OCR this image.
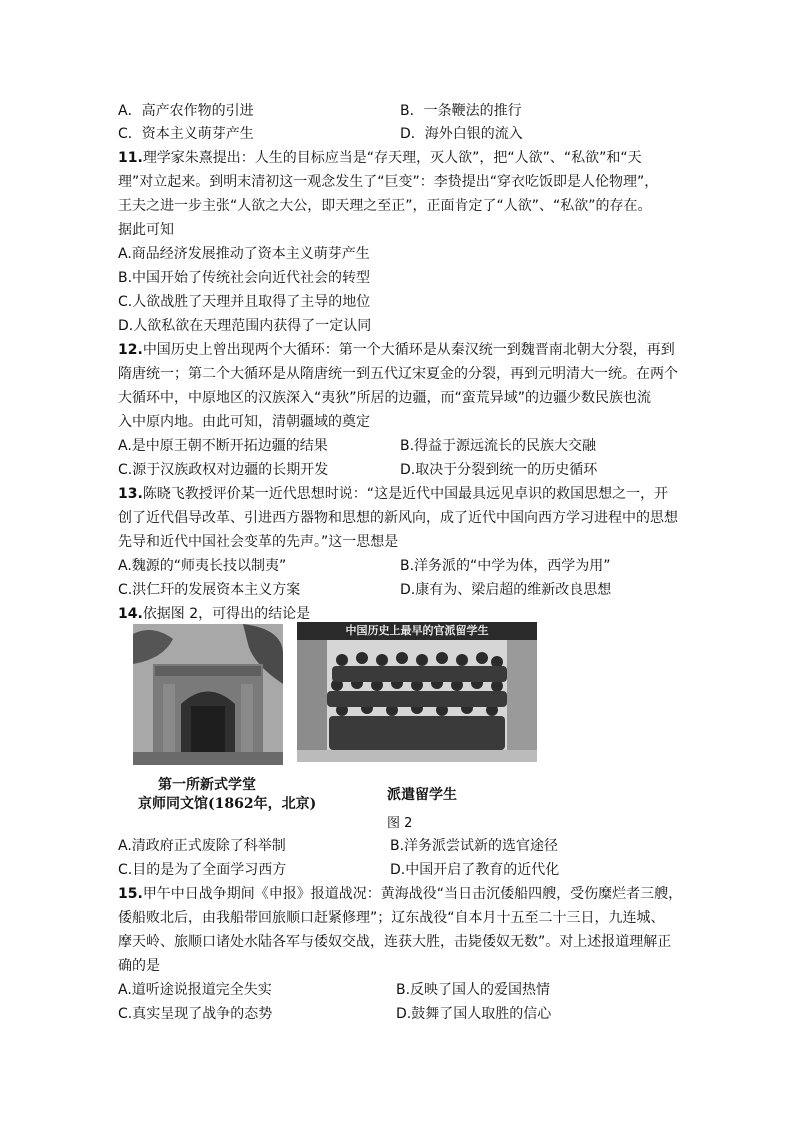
A．高产农作物的引进	B．一条鞭法的推行
C．资本主义萌芽产生	D．海外白银的流入
11.理学家朱熹提出：人生的目标应当是“存天理，灭人欲”，把“人欲”、“私欲”和“天
理”对立起来。到明末清初这一观念发生了“巨变”：李贽提出“穿衣吃饭即是人伦物理”，
王夫之进一步主张“人欲之大公，即天理之至正”，正面肯定了“人欲”、“私欲”的存在。
据此可知
A.商品经济发展推动了资本主义萌芽产生
B.中国开始了传统社会向近代社会的转型
C.人欲战胜了天理并且取得了主导的地位
D.人欲私欲在天理范围内获得了一定认同
12.中国历史上曾出现两个大循环：第一个大循环是从秦汉统一到魏晋南北朝大分裂，再到
隋唐统一；第二个大循环是从隋唐统一到五代辽宋夏金的分裂，再到元明清大一统。在两个
大循环中，中原地区的汉族深入“夷狄”所居的边疆，而“蛮荒异域”的边疆少数民族也流
入中原内地。由此可知，清朝疆域的奠定
A.是中原王朝不断开拓边疆的结果	B.得益于源远流长的民族大交融
C.源于汉族政权对边疆的长期开发	D.取决于分裂到统一的历史循环
13.陈晓飞教授评价某一近代思想时说：“这是近代中国最具远见卓识的救国思想之一，开
创了近代倡导改革、引进西方器物和思想的新风向，成了近代中国向西方学习进程中的思想
先导和近代中国社会变革的先声。”这一思想是
A.魏源的“师夷长技以制夷”	B.洋务派的“中学为体，西学为用”
C.洪仁玕的发展资本主义方案	D.康有为、梁启超的维新改良思想
14.依据图 2，可得出的结论是
第一所新式学堂
京师同文馆(1862年，北京)
中国历史上最早的官派留学生
派遣留学生
图 2
A.清政府正式废除了科举制	B.洋务派尝试新的选官途径
C.目的是为了全面学习西方	D.中国开启了教育的近代化
15.甲午中日战争期间《申报》报道战况：黄海战役“当日击沉倭船四艘，受伤糜烂者三艘，
倭船败北后，由我船带回旅顺口赶紧修理”；辽东战役“自本月十五至二十三日，九连城、
摩天岭、旅顺口诸处水陆各军与倭奴交战，连获大胜，击毙倭奴无数”。对上述报道理解正
确的是
A.道听途说报道完全失实	B.反映了国人的爱国热情
C.真实呈现了战争的态势	D.鼓舞了国人取胜的信心
